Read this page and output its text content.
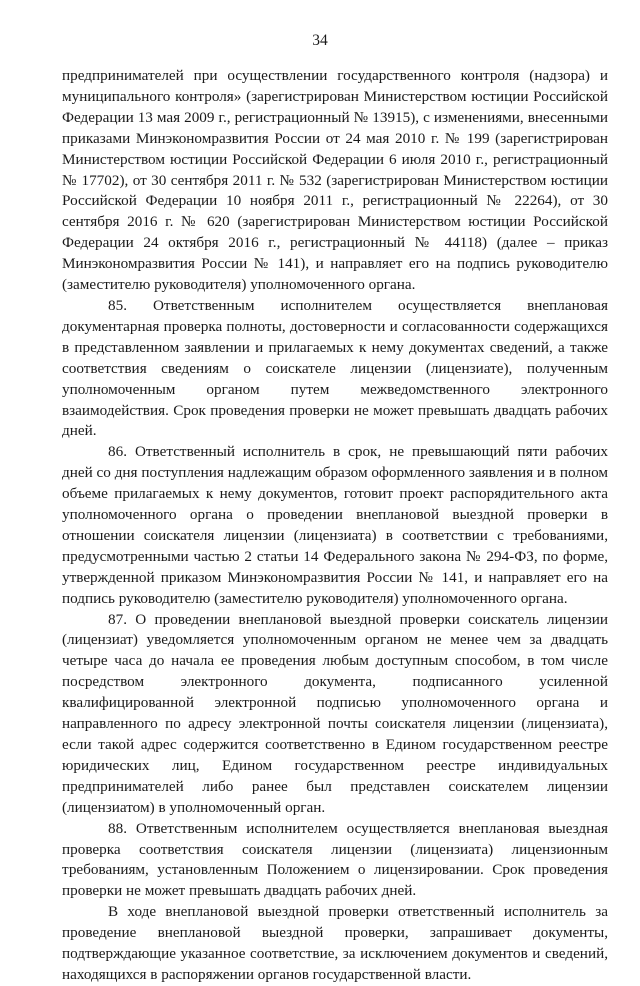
34

предпринимателей при осуществлении государственного контроля (надзора) и муниципального контроля» (зарегистрирован Министерством юстиции Российской Федерации 13 мая 2009 г., регистрационный № 13915), с изменениями, внесенными приказами Минэкономразвития России от 24 мая 2010 г. № 199 (зарегистрирован Министерством юстиции Российской Федерации 6 июля 2010 г., регистрационный № 17702), от 30 сентября 2011 г. № 532 (зарегистрирован Министерством юстиции Российской Федерации 10 ноября 2011 г., регистрационный № 22264), от 30 сентября 2016 г. № 620 (зарегистрирован Министерством юстиции Российской Федерации 24 октября 2016 г., регистрационный № 44118) (далее – приказ Минэкономразвития России № 141), и направляет его на подпись руководителю (заместителю руководителя) уполномоченного органа.

85. Ответственным исполнителем осуществляется внеплановая документарная проверка полноты, достоверности и согласованности содержащихся в представленном заявлении и прилагаемых к нему документах сведений, а также соответствия сведениям о соискателе лицензии (лицензиате), полученным уполномоченным органом путем межведомственного электронного взаимодействия. Срок проведения проверки не может превышать двадцать рабочих дней.

86. Ответственный исполнитель в срок, не превышающий пяти рабочих дней со дня поступления надлежащим образом оформленного заявления и в полном объеме прилагаемых к нему документов, готовит проект распорядительного акта уполномоченного органа о проведении внеплановой выездной проверки в отношении соискателя лицензии (лицензиата) в соответствии с требованиями, предусмотренными частью 2 статьи 14 Федерального закона № 294-ФЗ, по форме, утвержденной приказом Минэкономразвития России № 141, и направляет его на подпись руководителю (заместителю руководителя) уполномоченного органа.

87. О проведении внеплановой выездной проверки соискатель лицензии (лицензиат) уведомляется уполномоченным органом не менее чем за двадцать четыре часа до начала ее проведения любым доступным способом, в том числе посредством электронного документа, подписанного усиленной квалифицированной электронной подписью уполномоченного органа и направленного по адресу электронной почты соискателя лицензии (лицензиата), если такой адрес содержится соответственно в Едином государственном реестре юридических лиц, Едином государственном реестре индивидуальных предпринимателей либо ранее был представлен соискателем лицензии (лицензиатом) в уполномоченный орган.

88. Ответственным исполнителем осуществляется внеплановая выездная проверка соответствия соискателя лицензии (лицензиата) лицензионным требованиям, установленным Положением о лицензировании. Срок проведения проверки не может превышать двадцать рабочих дней.

В ходе внеплановой выездной проверки ответственный исполнитель за проведение внеплановой выездной проверки, запрашивает документы, подтверждающие указанное соответствие, за исключением документов и сведений, находящихся в распоряжении органов государственной власти.
